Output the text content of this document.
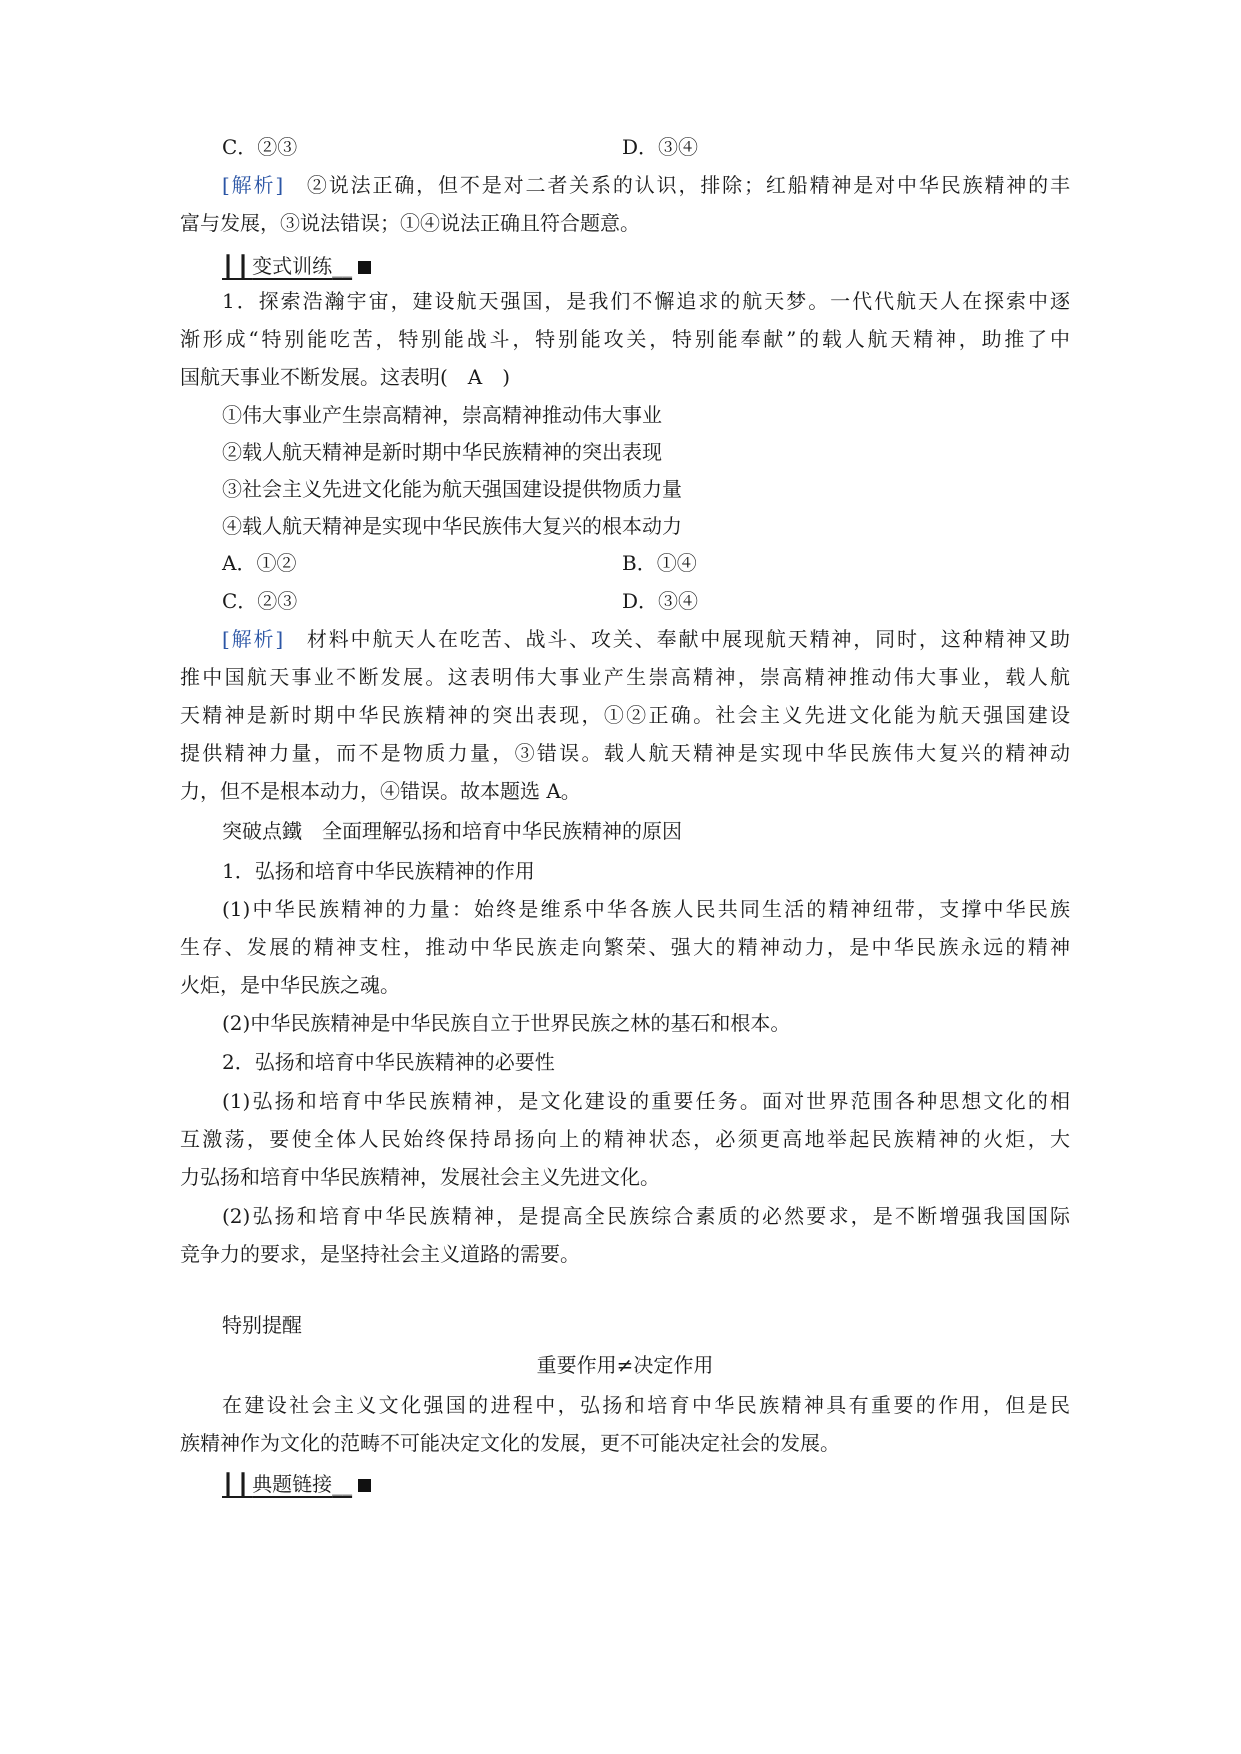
C．②③	D．③④
[解析]　 ②说法正确，但不是对二者关系的认识，排除；红船精神是对中华民族精神的丰
富与发展，③说法错误；①④说法正确且符合题意。
┃┃变式训练__
1．探索浩瀚宇宙，建设航天强国，是我们不懈追求的航天梦。一代代航天人在探索中逐
渐形成“特别能吃苦，特别能战斗，特别能攻关，特别能奉献”的载人航天精神，助推了中
国航天事业不断发展。这表明(　A　)
①伟大事业产生崇高精神，崇高精神推动伟大事业
②载人航天精神是新时期中华民族精神的突出表现
③社会主义先进文化能为航天强国建设提供物质力量
④载人航天精神是实现中华民族伟大复兴的根本动力
A．①②	B．①④
C．②③	D．③④
[解析]　 材料中航天人在吃苦、战斗、攻关、奉献中展现航天精神，同时，这种精神又助
推中国航天事业不断发展。这表明伟大事业产生崇高精神，崇高精神推动伟大事业，载人航
天精神是新时期中华民族精神的突出表现，①②正确。社会主义先进文化能为航天强国建设
提供精神力量，而不是物质力量，③错误。载人航天精神是实现中华民族伟大复兴的精神动
力，但不是根本动力，④错误。故本题选 A。
突破点鐵　全面理解弘扬和培育中华民族精神的原因
1．弘扬和培育中华民族精神的作用
(1)中华民族精神的力量：始终是维系中华各族人民共同生活的精神纽带，支撑中华民族
生存、发展的精神支柱，推动中华民族走向繁荣、强大的精神动力，是中华民族永远的精神
火炬，是中华民族之魂。
(2)中华民族精神是中华民族自立于世界民族之林的基石和根本。
2．弘扬和培育中华民族精神的必要性
(1)弘扬和培育中华民族精神，是文化建设的重要任务。面对世界范围各种思想文化的相
互激荡，要使全体人民始终保持昂扬向上的精神状态，必须更高地举起民族精神的火炬，大
力弘扬和培育中华民族精神，发展社会主义先进文化。
(2)弘扬和培育中华民族精神，是提高全民族综合素质的必然要求，是不断增强我国国际
竞争力的要求，是坚持社会主义道路的需要。
特别提醒
重要作用≠决定作用
在建设社会主义文化强国的进程中，弘扬和培育中华民族精神具有重要的作用，但是民
族精神作为文化的范畴不可能决定文化的发展，更不可能决定社会的发展。
┃┃典题链接__
